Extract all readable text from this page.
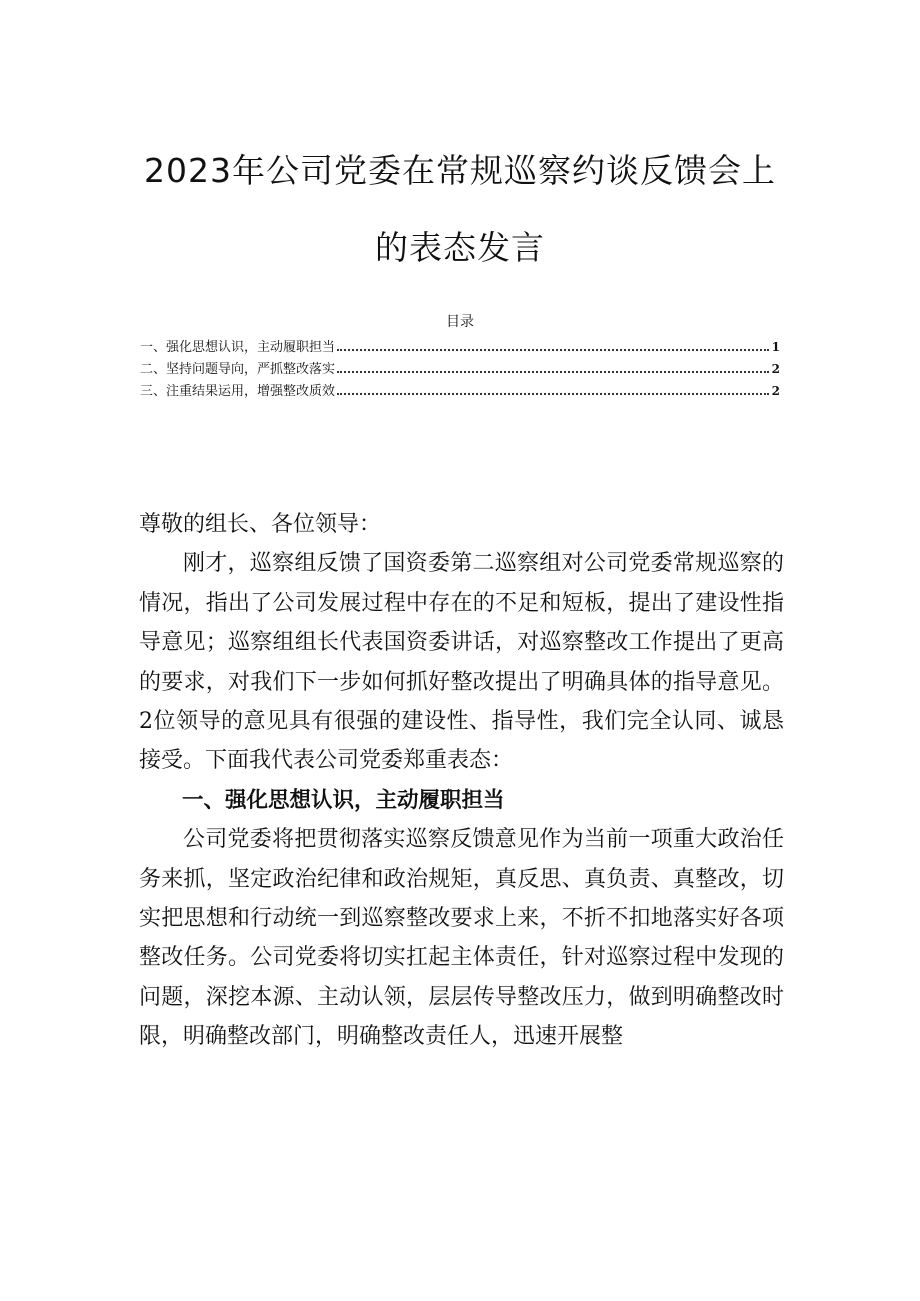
2023年公司党委在常规巡察约谈反馈会上
的表态发言
目录
一、强化思想认识，主动履职担当	1
二、坚持问题导向，严抓整改落实	2
三、注重结果运用，增强整改质效	2

尊敬的组长、各位领导：

刚才，巡察组反馈了国资委第二巡察组对公司党委常规巡察的情况，指出了公司发展过程中存在的不足和短板，提出了建设性指导意见；巡察组组长代表国资委讲话，对巡察整改工作提出了更高的要求，对我们下一步如何抓好整改提出了明确具体的指导意见。2位领导的意见具有很强的建设性、指导性，我们完全认同、诚恳接受。下面我代表公司党委郑重表态：

一、强化思想认识，主动履职担当

公司党委将把贯彻落实巡察反馈意见作为当前一项重大政治任务来抓，坚定政治纪律和政治规矩，真反思、真负责、真整改，切实把思想和行动统一到巡察整改要求上来，不折不扣地落实好各项整改任务。公司党委将切实扛起主体责任，针对巡察过程中发现的问题，深挖本源、主动认领，层层传导整改压力，做到明确整改时限，明确整改部门，明确整改责任人，迅速开展整
